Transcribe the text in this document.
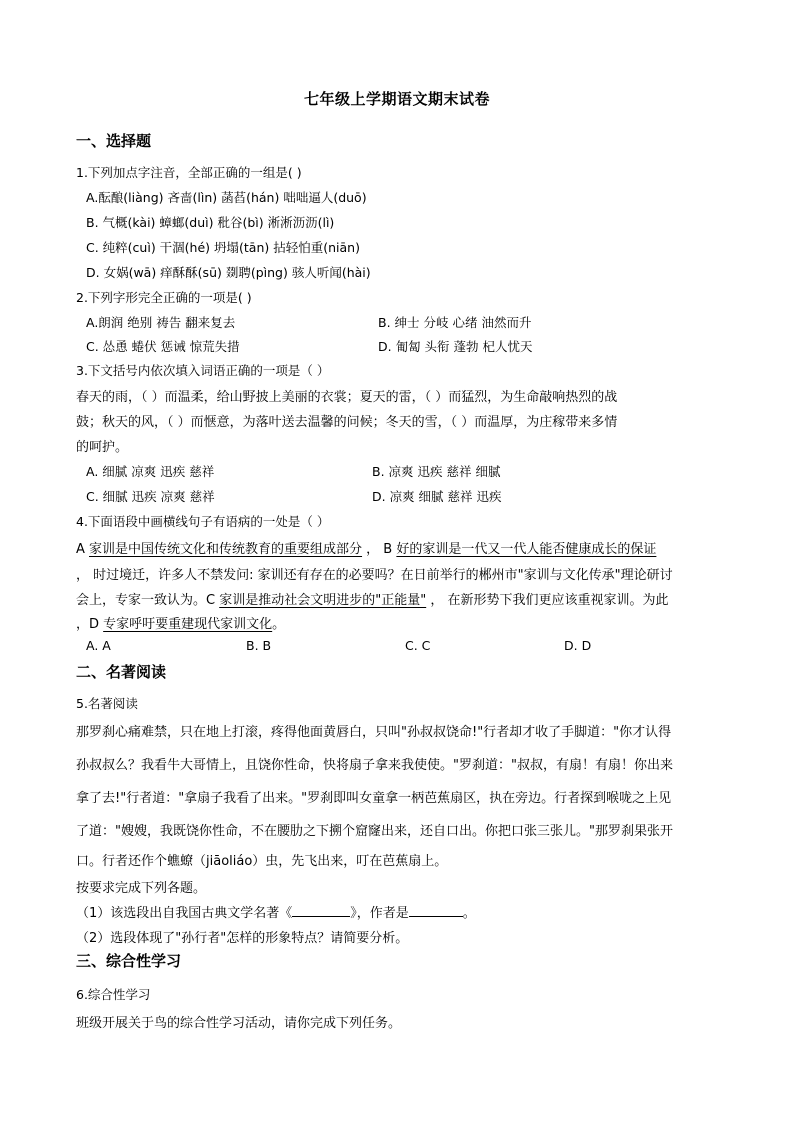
七年级上学期语文期末试卷
一、选择题
1.下列加点字注音，全部正确的一组是( )
A.酝酿(liàng) 吝啬(lìn) 菡萏(hán) 咄咄逼人(duō)
B. 气概(kài) 蟑螂(duì) 秕谷(bì) 淅淅沥沥(lì)
C. 纯粹(cuì) 干涸(hé) 坍塌(tān) 拈轻怕重(niān)
D. 女娲(wā) 痒酥酥(sū) 剟聘(pìng) 骇人听闻(hài)
2.下列字形完全正确的一项是( )
A.朗润 绝别 祷告 翻来复去	B. 绅士 分岐 心绪 油然而升
C. 怂恿 蜷伏 惩诫 惊荒失措	D. 匍匐 头衔 蓬勃 杞人忧天
3.下文括号内依次填入词语正确的一项是（ ）
春天的雨，（ ）而温柔，给山野披上美丽的衣裳；夏天的雷，（ ）而猛烈，为生命敲响热烈的战
鼓；秋天的风，（ ）而惬意，为落叶送去温馨的问候；冬天的雪，（ ）而温厚，为庄稼带来多情
的呵护。
A. 细腻 凉爽 迅疾 慈祥	B. 凉爽 迅疾 慈祥 细腻
C. 细腻 迅疾 凉爽 慈祥	D. 凉爽 细腻 慈祥 迅疾
4.下面语段中画横线句子有语病的一处是（ ）
A 家训是中国传统文化和传统教育的重要组成部分 ， B 好的家训是一代又一代人能否健康成长的保证
， 时过境迁，许多人不禁发问: 家训还有存在的必要吗？在日前举行的郴州市"家训与文化传承"理论研讨
会上，专家一致认为。C 家训是推动社会文明进步的"正能量" ， 在新形势下我们更应该重视家训。为此
，D 专家呼吁要重建现代家训文化。
A. A	B. B	C. C	D. D
二、名著阅读
5.名著阅读
那罗刹心痛难禁，只在地上打滚，疼得他面黄唇白，只叫"孙叔叔饶命!"行者却才收了手脚道："你才认得
孙叔叔么？我看牛大哥情上，且饶你性命，快将扇子拿来我使使。"罗刹道："叔叔，有扇！有扇！你出来
拿了去!"行者道："拿扇子我看了出来。"罗刹即叫女童拿一柄芭蕉扇区，执在旁边。行者探到喉咙之上见
了道："嫂嫂，我既饶你性命，不在腰肋之下搠个窟窿出来，还自口出。你把口张三张儿。"那罗刹果张开
口。行者还作个蟭蟟（jiāoliáo）虫，先飞出来，叮在芭蕉扇上。
按要求完成下列各题。
（1）该选段出自我国古典文学名著《	》，作者是	。
（2）选段体现了"孙行者"怎样的形象特点？请简要分析。
三、综合性学习
6.综合性学习
班级开展关于鸟的综合性学习活动，请你完成下列任务。
